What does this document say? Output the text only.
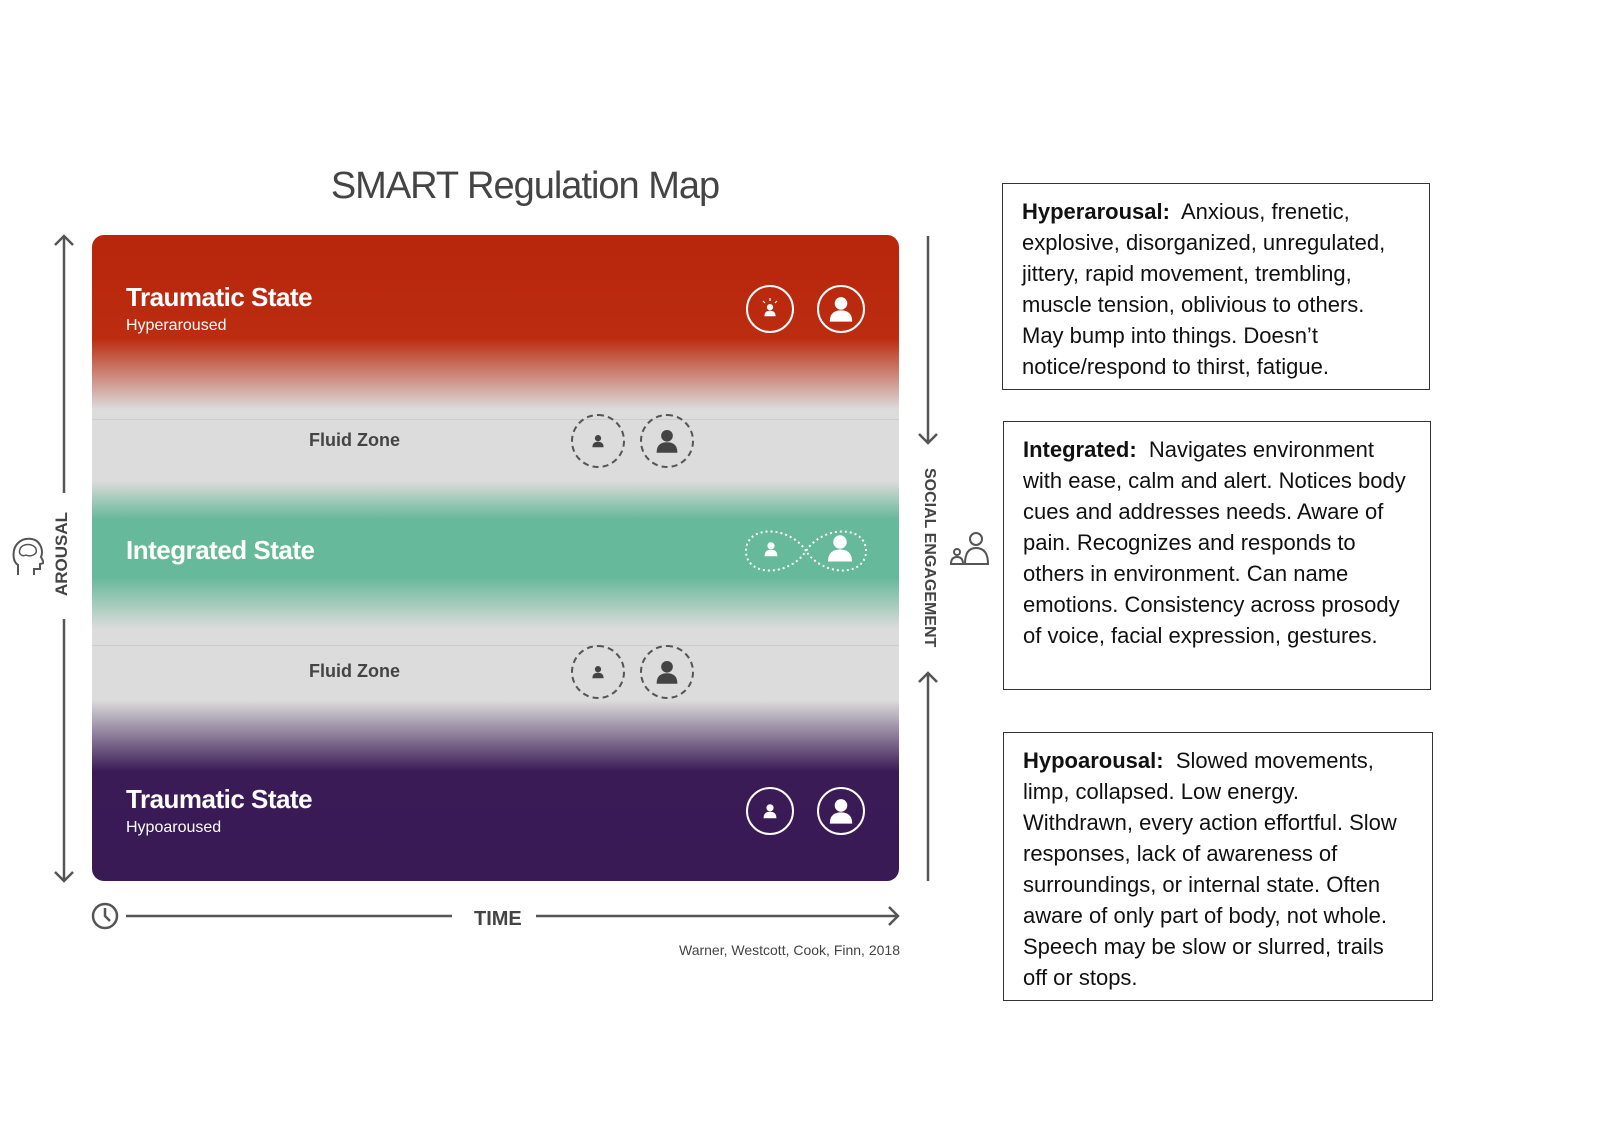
SMART Regulation Map
Traumatic State
Hyperaroused
Fluid Zone
Integrated State
Fluid Zone
Traumatic State
Hypoaroused
AROUSAL	SOCIAL ENGAGEMENT
TIME
Warner, Westcott, Cook, Finn, 2018
Hyperarousal: Anxious, frenetic, explosive, disorganized, unregulated, jittery, rapid movement, trembling, muscle tension, oblivious to others. May bump into things. Doesn’t notice/respond to thirst, fatigue.
Integrated: Navigates environment with ease, calm and alert. Notices body cues and addresses needs. Aware of pain. Recognizes and responds to others in environment. Can name emotions. Consistency across prosody of voice, facial expression, gestures.
Hypoarousal: Slowed movements, limp, collapsed. Low energy. Withdrawn, every action effortful. Slow responses, lack of awareness of surroundings, or internal state. Often aware of only part of body, not whole. Speech may be slow or slurred, trails off or stops.
